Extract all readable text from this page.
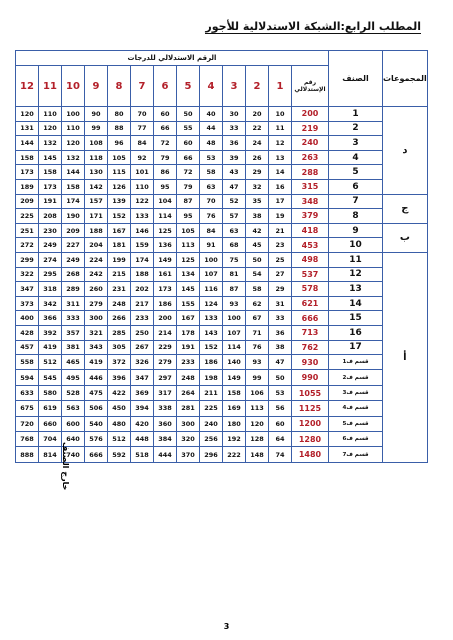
المطلب الرابع:الشبكة الاستدلالية للأجور
المجموعات	الصنف	الرقم الاستدلالي للدرجات												
		رقم الإستدلالي	1	2	3	4	5	6	7	8	9	10	11	12
د	1	200	10	20	30	40	50	60	70	80	90	100	110	120
	2	219	11	22	33	44	55	66	77	88	99	110	120	131
	3	240	12	24	36	48	60	72	84	96	108	120	132	144
	4	263	13	26	39	53	66	79	92	105	118	132	145	158
	5	288	14	29	43	58	72	86	101	115	130	144	158	173
	6	315	16	32	47	63	79	95	110	126	142	158	173	189
ج	7	348	17	35	52	70	87	104	122	139	157	174	191	209
	8	379	19	38	57	76	95	114	133	152	171	190	208	225
ب	9	418	21	42	63	84	105	125	146	167	188	209	230	251
	10	453	23	45	68	91	113	136	159	181	204	227	249	272
أ	11	498	25	50	75	100	125	149	174	199	224	249	274	299
	12	537	27	54	81	107	134	161	188	215	242	268	295	322
	13	578	29	58	87	116	145	173	202	231	260	289	318	347
	14	621	31	62	93	124	155	186	217	248	279	311	342	373
	15	666	33	67	100	133	167	200	233	266	300	333	366	400
	16	713	36	71	107	143	178	214	250	285	321	357	392	428
	17	762	38	76	114	152	191	229	267	305	343	381	419	457
	قسم ف1	930	47	93	140	186	233	279	326	372	419	465	512	558
	قسم ف2	990	50	99	149	198	248	297	347	396	446	495	545	594
	قسم ف3	1055	53	106	158	211	264	317	369	422	475	528	580	633
	قسم ف4	1125	56	113	169	225	281	338	394	450	506	563	619	675
	قسم ف5	1200	60	120	180	240	300	360	420	480	540	600	660	720
	قسم ف6	1280	64	128	192	256	320	384	448	512	576	640	704	768
	قسم ف7	1480	74	148	222	296	370	444	518	592	666	740	814	888	خارج الصنف
3
